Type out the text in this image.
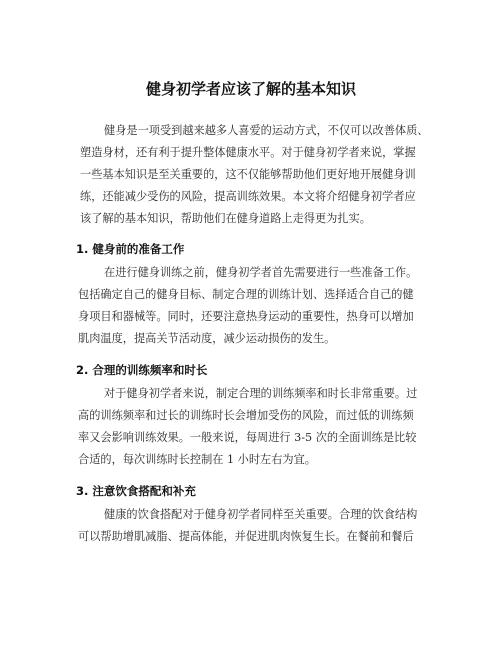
健身初学者应该了解的基本知识
健身是一项受到越来越多人喜爱的运动方式，不仅可以改善体质、
塑造身材，还有利于提升整体健康水平。对于健身初学者来说，掌握
一些基本知识是至关重要的，这不仅能够帮助他们更好地开展健身训
练，还能减少受伤的风险，提高训练效果。本文将介绍健身初学者应
该了解的基本知识，帮助他们在健身道路上走得更为扎实。
1. 健身前的准备工作
在进行健身训练之前，健身初学者首先需要进行一些准备工作。
包括确定自己的健身目标、制定合理的训练计划、选择适合自己的健
身项目和器械等。同时，还要注意热身运动的重要性，热身可以增加
肌肉温度，提高关节活动度，减少运动损伤的发生。
2. 合理的训练频率和时长
对于健身初学者来说，制定合理的训练频率和时长非常重要。过
高的训练频率和过长的训练时长会增加受伤的风险，而过低的训练频
率又会影响训练效果。一般来说，每周进行 3-5 次的全面训练是比较
合适的，每次训练时长控制在 1 小时左右为宜。
3. 注意饮食搭配和补充
健康的饮食搭配对于健身初学者同样至关重要。合理的饮食结构
可以帮助增肌减脂、提高体能，并促进肌肉恢复生长。在餐前和餐后
